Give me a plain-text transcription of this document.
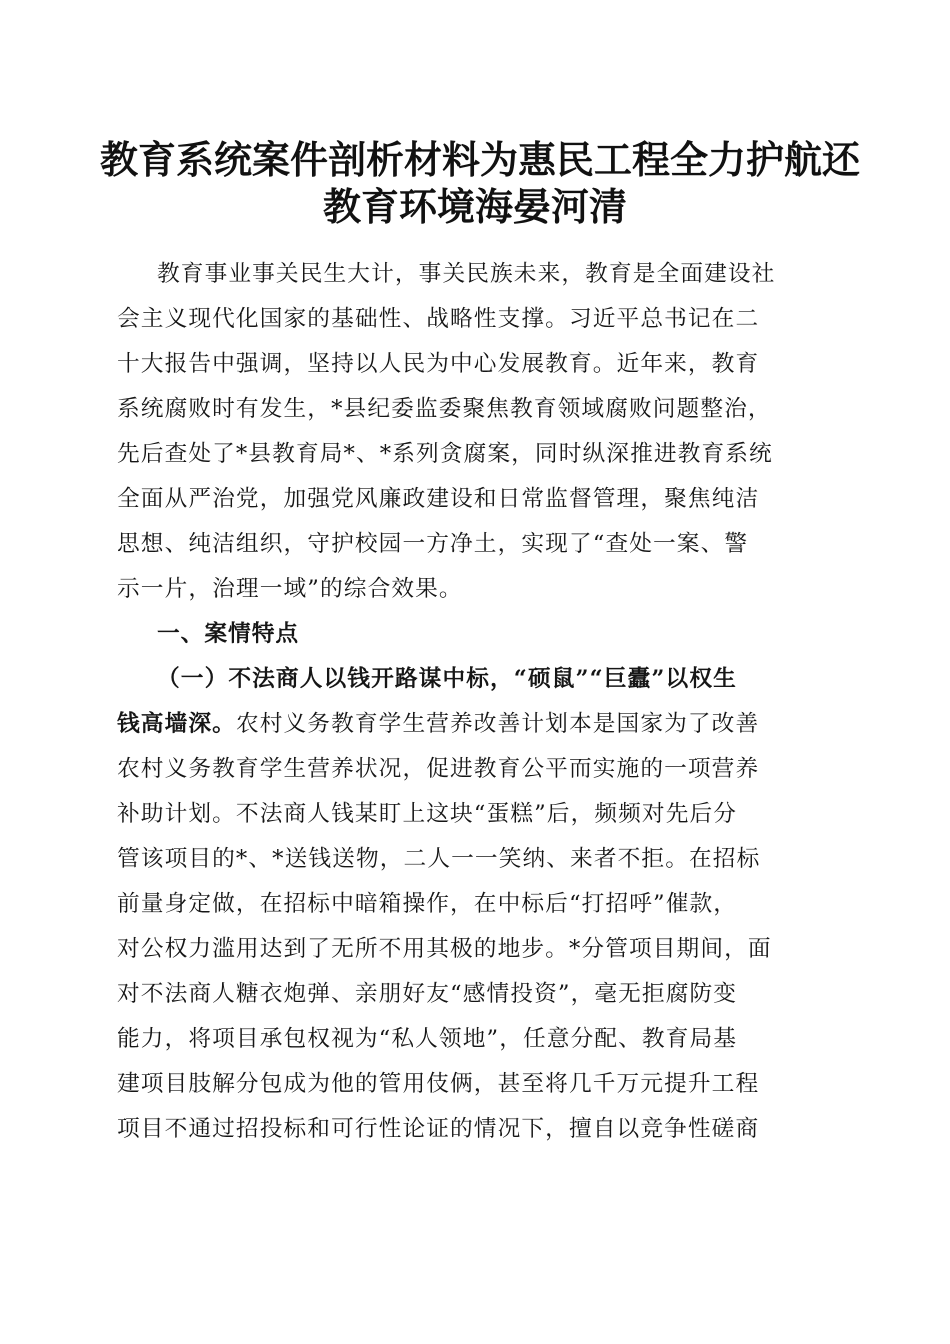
教育系统案件剖析材料为惠民工程全力护航还
教育环境海晏河清
教育事业事关民生大计，事关民族未来，教育是全面建设社
会主义现代化国家的基础性、战略性支撑。习近平总书记在二
十大报告中强调，坚持以人民为中心发展教育。近年来，教育
系统腐败时有发生，*县纪委监委聚焦教育领域腐败问题整治，
先后查处了*县教育局*、*系列贪腐案，同时纵深推进教育系统
全面从严治党，加强党风廉政建设和日常监督管理，聚焦纯洁
思想、纯洁组织，守护校园一方净土，实现了“查处一案、警
示一片，治理一域”的综合效果。
一、案情特点
（一）不法商人以钱开路谋中标，“硕鼠”“巨蠹”以权生
钱高墙深。农村义务教育学生营养改善计划本是国家为了改善
农村义务教育学生营养状况，促进教育公平而实施的一项营养
补助计划。不法商人钱某盯上这块“蛋糕”后，频频对先后分
管该项目的*、*送钱送物，二人一一笑纳、来者不拒。在招标
前量身定做，在招标中暗箱操作，在中标后“打招呼”催款，
对公权力滥用达到了无所不用其极的地步。*分管项目期间，面
对不法商人糖衣炮弹、亲朋好友“感情投资”，毫无拒腐防变
能力，将项目承包权视为“私人领地”，任意分配、教育局基
建项目肢解分包成为他的管用伎俩，甚至将几千万元提升工程
项目不通过招投标和可行性论证的情况下，擅自以竞争性磋商
